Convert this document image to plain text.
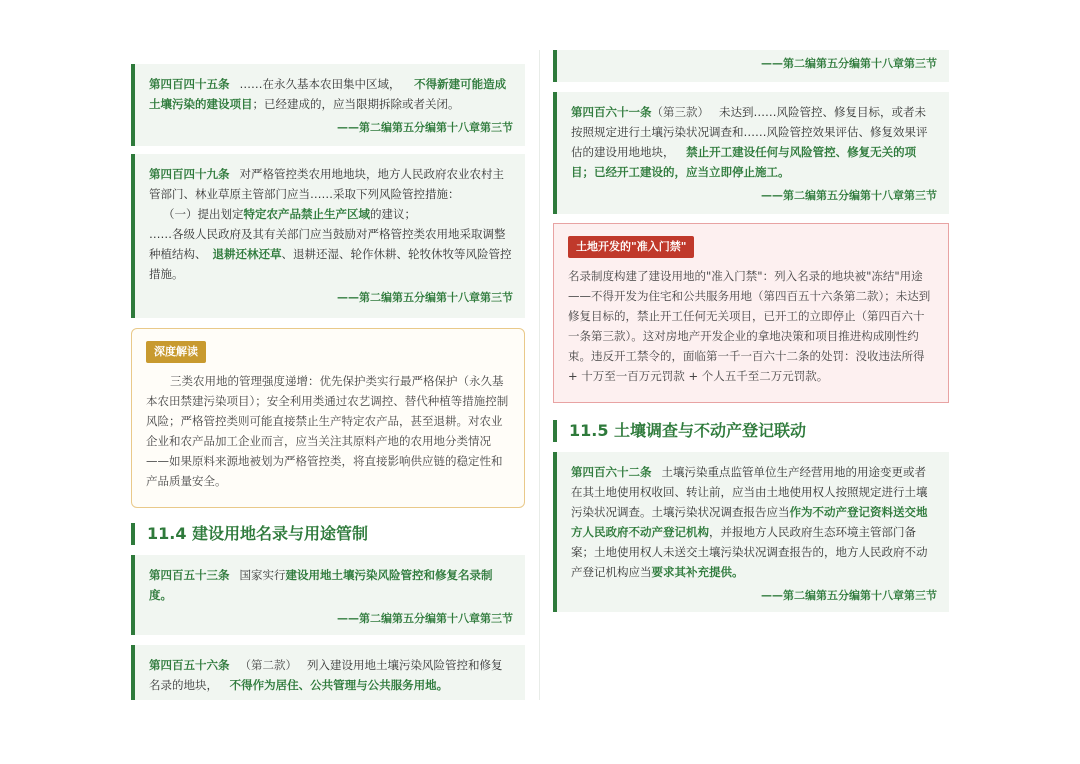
第四百四十五条 ……在永久基本农田集中区域， 不得新建可能造成土壤污染的建设项目；已经建成的，应当限期拆除或者关闭。

——第二编第五分编第十八章第三节

第四百四十九条 对严格管控类农用地地块，地方人民政府农业农村主管部门、林业草原主管部门应当……采取下列风险管控措施：

（一）提出划定特定农产品禁止生产区域的建议；

……各级人民政府及其有关部门应当鼓励对严格管控类农用地采取调整种植结构、 退耕还林还草、退耕还湿、轮作休耕、轮牧休牧等风险管控措施。

——第二编第五分编第十八章第三节
深度解读

三类农用地的管理强度递增：优先保护类实行最严格保护（永久基本农田禁建污染项目）；安全利用类通过农艺调控、替代种植等措施控制风险；严格管控类则可能直接禁止生产特定农产品，甚至退耕。对农业企业和农产品加工企业而言，应当关注其原料产地的农用地分类情况——如果原料来源地被划为严格管控类，将直接影响供应链的稳定性和产品质量安全。

11.4 建设用地名录与用途管制

第四百五十三条 国家实行建设用地土壤污染风险管控和修复名录制度。

——第二编第五分编第十八章第三节

第四百五十六条 （第二款） 列入建设用地土壤污染风险管控和修复名录的地块， 不得作为居住、公共管理与公共服务用地。

——第二编第五分编第十八章第三节

第四百六十一条（第三款） 未达到……风险管控、修复目标，或者未按照规定进行土壤污染状况调查和……风险管控效果评估、修复效果评估的建设用地地块， 禁止开工建设任何与风险管控、修复无关的项目；已经开工建设的，应当立即停止施工。

——第二编第五分编第十八章第三节
土地开发的"准入门禁"

名录制度构建了建设用地的"准入门禁"：列入名录的地块被"冻结"用途——不得开发为住宅和公共服务用地（第四百五十六条第二款）；未达到修复目标的，禁止开工任何无关项目，已开工的立即停止（第四百六十一条第三款）。这对房地产开发企业的拿地决策和项目推进构成刚性约束。违反开工禁令的，面临第一千一百六十二条的处罚：没收违法所得 + 十万至一百万元罚款 + 个人五千至二万元罚款。

11.5 土壤调查与不动产登记联动

第四百六十二条 土壤污染重点监管单位生产经营用地的用途变更或者在其土地使用权收回、转让前，应当由土地使用权人按照规定进行土壤污染状况调查。土壤污染状况调查报告应当作为不动产登记资料送交地方人民政府不动产登记机构，并报地方人民政府生态环境主管部门备案；土地使用权人未送交土壤污染状况调查报告的，地方人民政府不动产登记机构应当要求其补充提供。

——第二编第五分编第十八章第三节
